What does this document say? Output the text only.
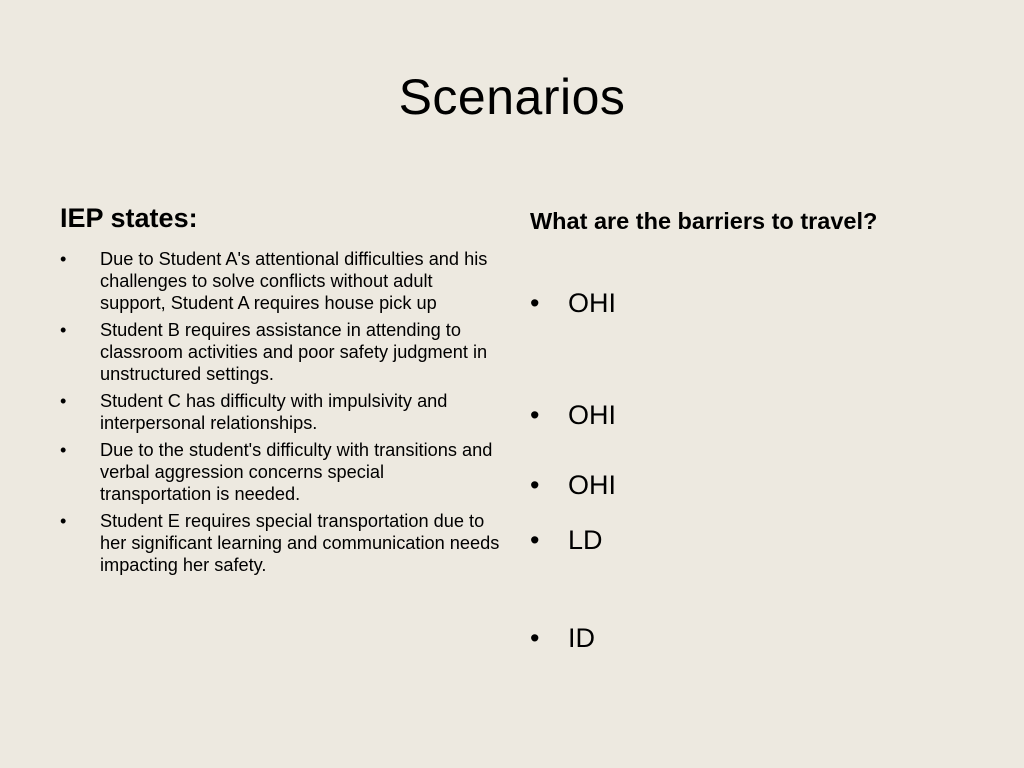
Scenarios
IEP states:
• Due to Student A's attentional difficulties and his challenges to solve conflicts without adult support, Student A requires house pick up
• Student B requires assistance in attending to classroom activities and poor safety judgment in unstructured settings.
• Student C has difficulty with impulsivity and interpersonal relationships.
• Due to the student's difficulty with transitions and verbal aggression concerns special transportation is needed.
• Student E requires special transportation due to her significant learning and communication needs impacting her safety.
What are the barriers to travel?
• OHI
• OHI
• OHI
• LD
• ID
